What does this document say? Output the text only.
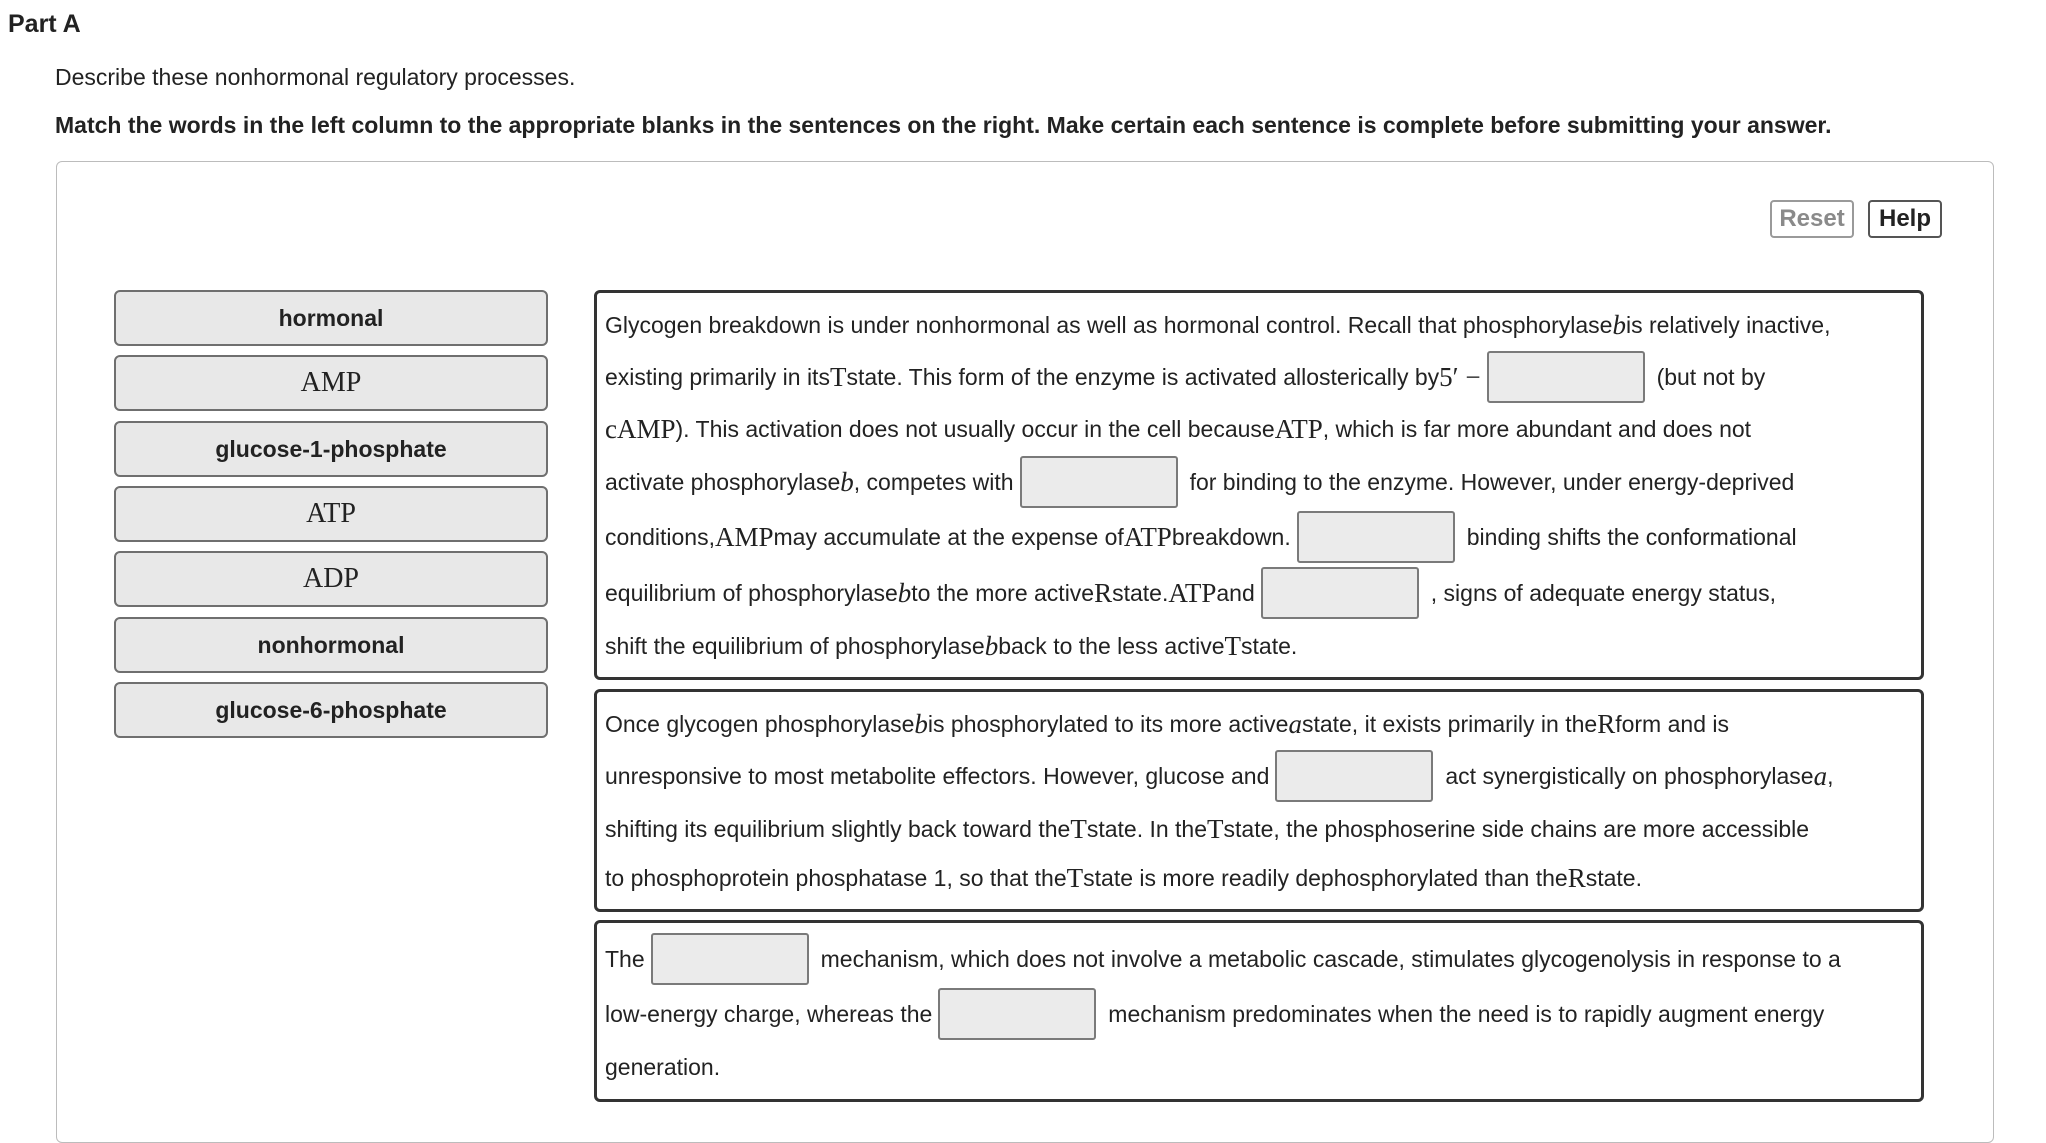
Part A
Describe these nonhormonal regulatory processes.
Match the words in the left column to the appropriate blanks in the sentences on the right. Make certain each sentence is complete before submitting your answer.
Reset	Help
hormonal
AMP
glucose-1-phosphate
ATP
ADP
nonhormonal
glucose-6-phosphate
Glycogen breakdown is under nonhormonal as well as hormonal control. Recall that phosphorylase b is relatively inactive,
existing primarily in its T state. This form of the enzyme is activated allosterically by 5′ −	(but not by
cAMP ). This activation does not usually occur in the cell because ATP , which is far more abundant and does not
activate phosphorylase b , competes with	for binding to the enzyme. However, under energy-deprived
conditions, AMP may accumulate at the expense of ATP breakdown.	binding shifts the conformational
equilibrium of phosphorylase b to the more active R state. ATP and	, signs of adequate energy status,
shift the equilibrium of phosphorylase b back to the less active T state.
Once glycogen phosphorylase b is phosphorylated to its more active a state, it exists primarily in the R form and is
unresponsive to most metabolite effectors. However, glucose and	act synergistically on phosphorylase a ,
shifting its equilibrium slightly back toward the T state. In the T state, the phosphoserine side chains are more accessible
to phosphoprotein phosphatase 1, so that the T state is more readily dephosphorylated than the R state.
The	mechanism, which does not involve a metabolic cascade, stimulates glycogenolysis in response to a
low-energy charge, whereas the	mechanism predominates when the need is to rapidly augment energy
generation.
